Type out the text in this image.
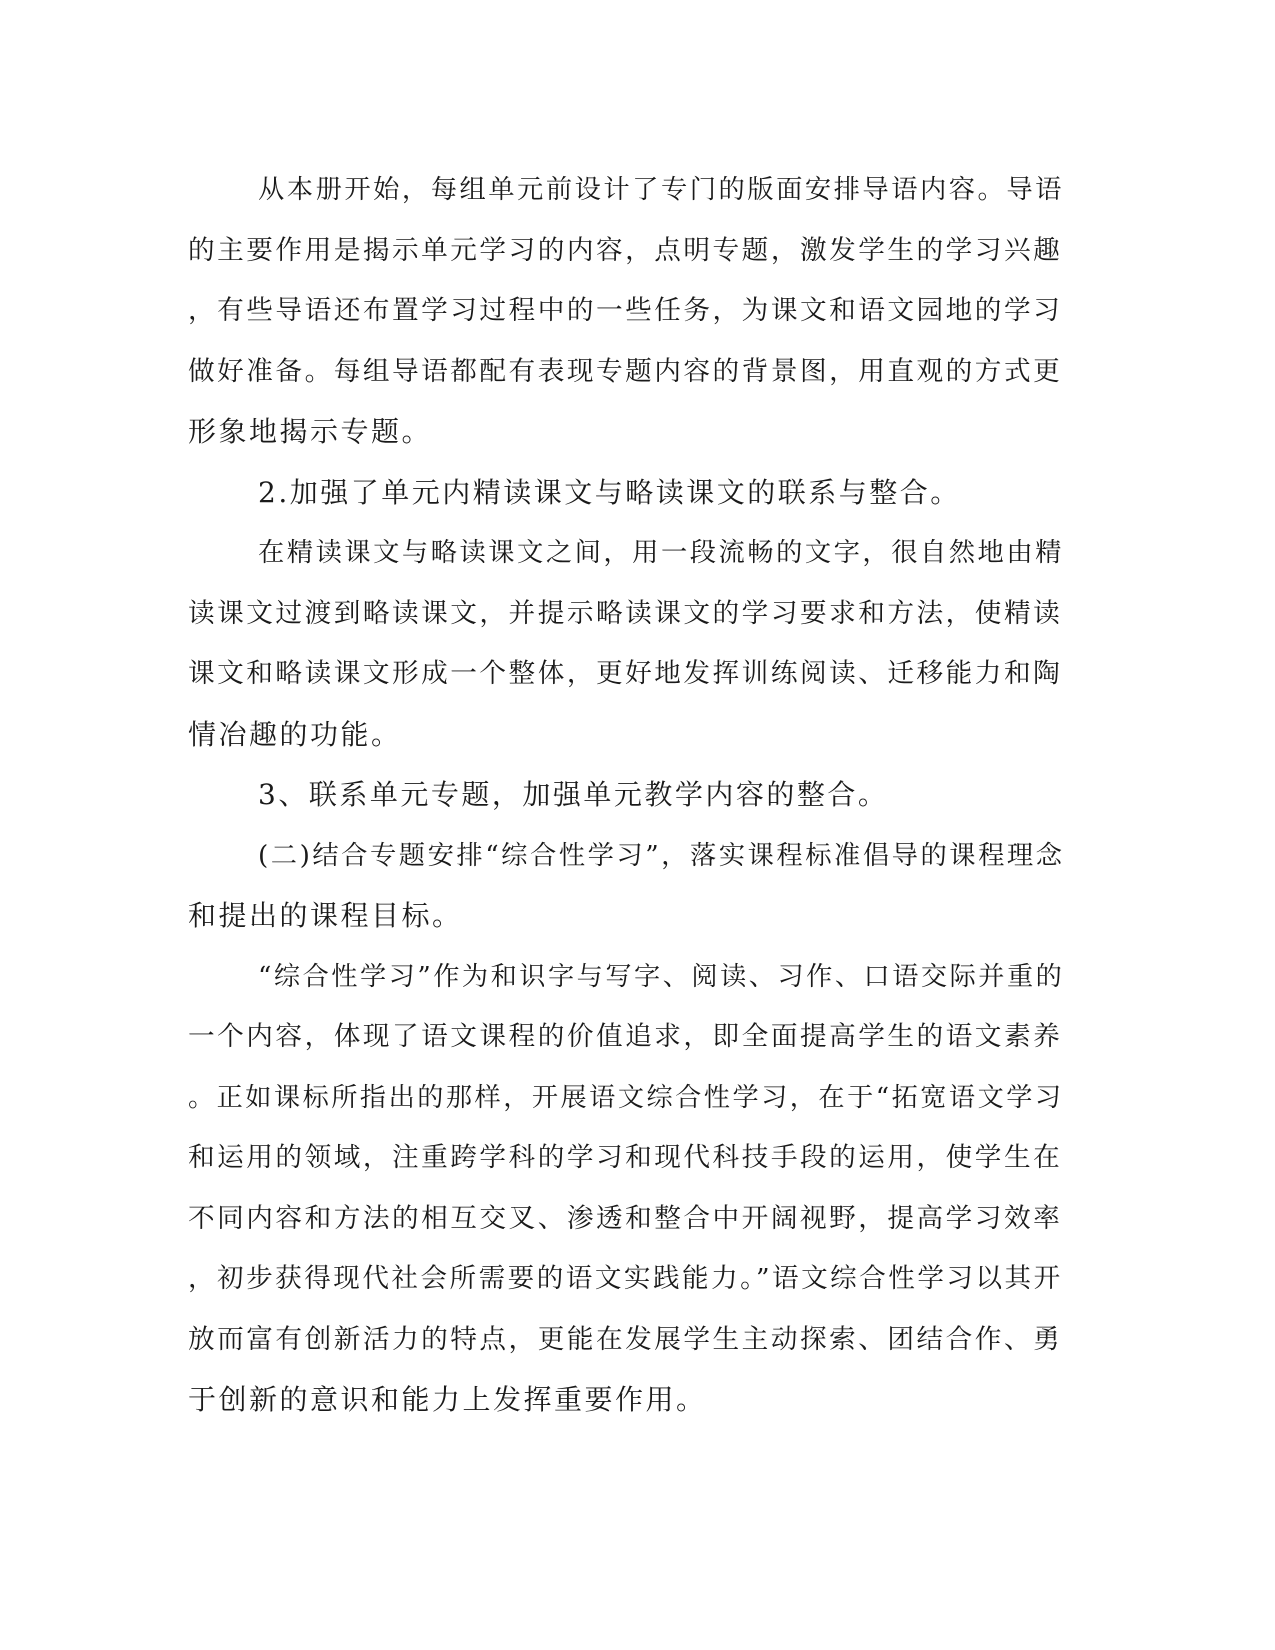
从本册开始，每组单元前设计了专门的版面安排导语内容。导语
的主要作用是揭示单元学习的内容，点明专题，激发学生的学习兴趣
，有些导语还布置学习过程中的一些任务，为课文和语文园地的学习
做好准备。每组导语都配有表现专题内容的背景图，用直观的方式更
形象地揭示专题。
2.加强了单元内精读课文与略读课文的联系与整合。
在精读课文与略读课文之间，用一段流畅的文字，很自然地由精
读课文过渡到略读课文，并提示略读课文的学习要求和方法，使精读
课文和略读课文形成一个整体，更好地发挥训练阅读、迁移能力和陶
情冶趣的功能。
3、联系单元专题，加强单元教学内容的整合。
(二)结合专题安排“综合性学习”，落实课程标准倡导的课程理念
和提出的课程目标。
“综合性学习”作为和识字与写字、阅读、习作、口语交际并重的
一个内容，体现了语文课程的价值追求，即全面提高学生的语文素养
。正如课标所指出的那样，开展语文综合性学习，在于“拓宽语文学习
和运用的领域，注重跨学科的学习和现代科技手段的运用，使学生在
不同内容和方法的相互交叉、渗透和整合中开阔视野，提高学习效率
，初步获得现代社会所需要的语文实践能力。”语文综合性学习以其开
放而富有创新活力的特点，更能在发展学生主动探索、团结合作、勇
于创新的意识和能力上发挥重要作用。
